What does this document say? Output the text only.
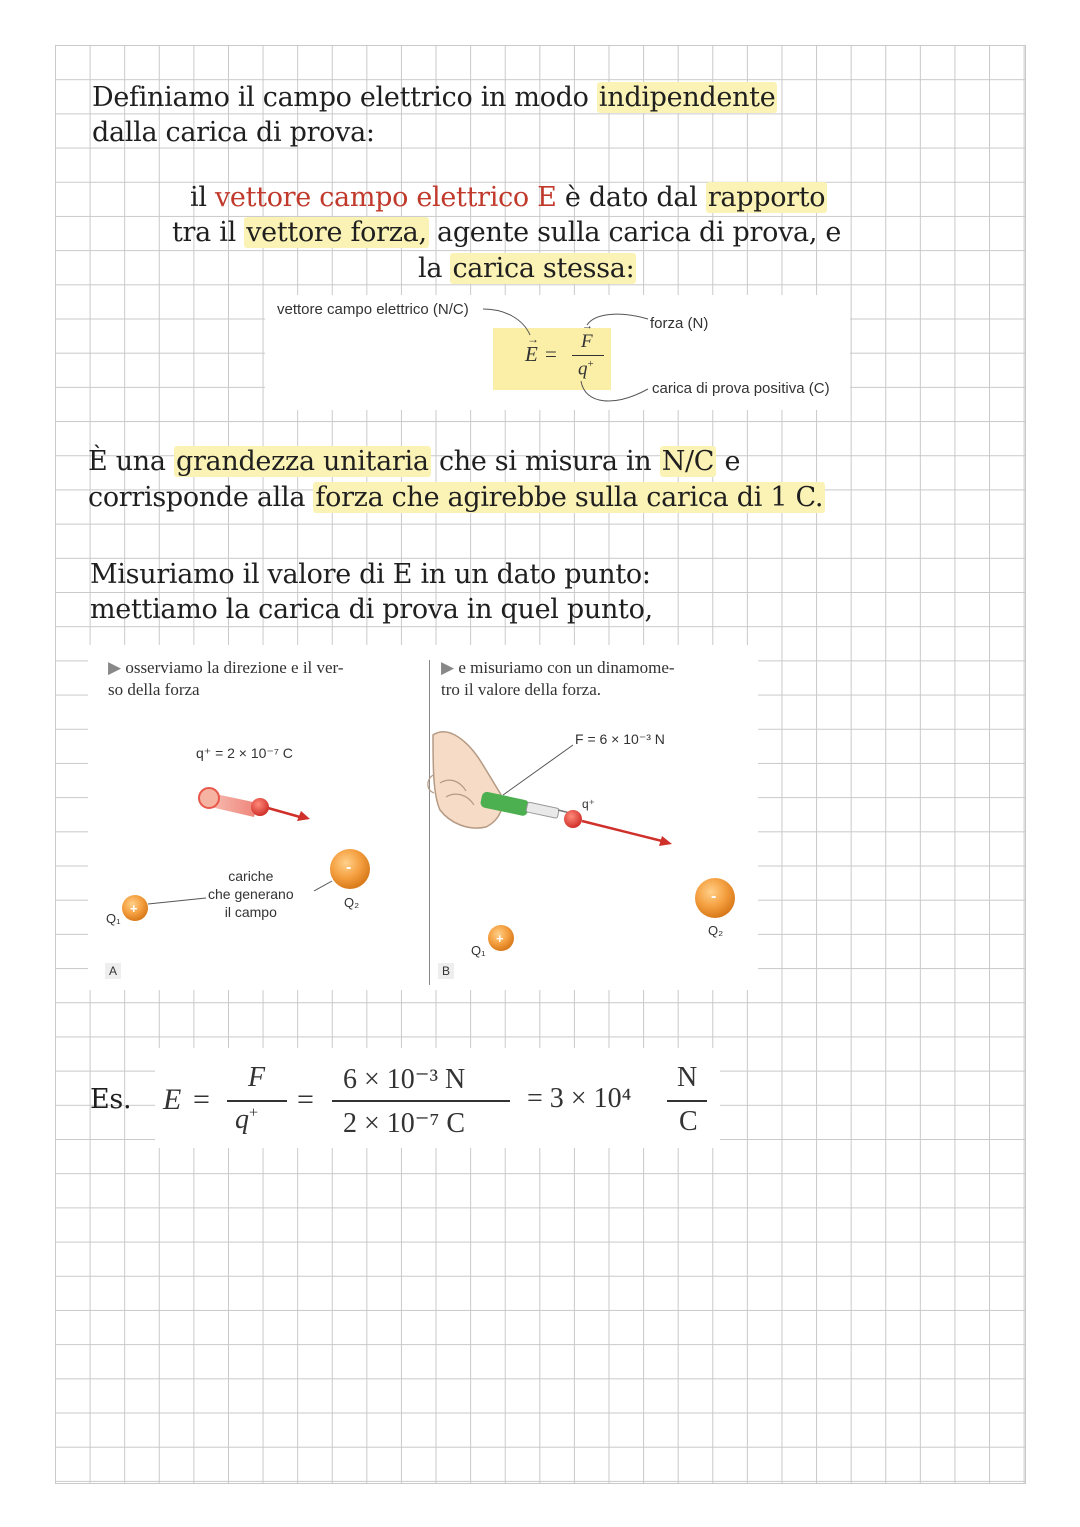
Definiamo il campo elettrico in modo indipendente
dalla carica di prova:
il vettore campo elettrico E è dato dal rapporto
tra il vettore forza, agente sulla carica di prova, e
la carica stessa:
vettore campo elettrico (N/C)
forza (N)
carica di prova positiva (C)
E
→
=
F
→
q+
È una grandezza unitaria che si misura in N/C e
corrisponde alla forza che agirebbe sulla carica di 1 C.
Misuriamo il valore di E in un dato punto:
mettiamo la carica di prova in quel punto,
▶ osserviamo la direzione e il ver-
so della forza
▶ e misuriamo con un dinamome-
tro il valore della forza.
q⁺ = 2 × 10⁻⁷ C
cariche
che generano
il campo
+
Q₁
-
Q₂
A
F = 6 × 10⁻³ N
q⁺
+
Q₁
-
Q₂
B
Es. E =
F
q+ =
6 × 10⁻³ N
2 × 10⁻⁷ C
= 3 × 10⁴
N
C
